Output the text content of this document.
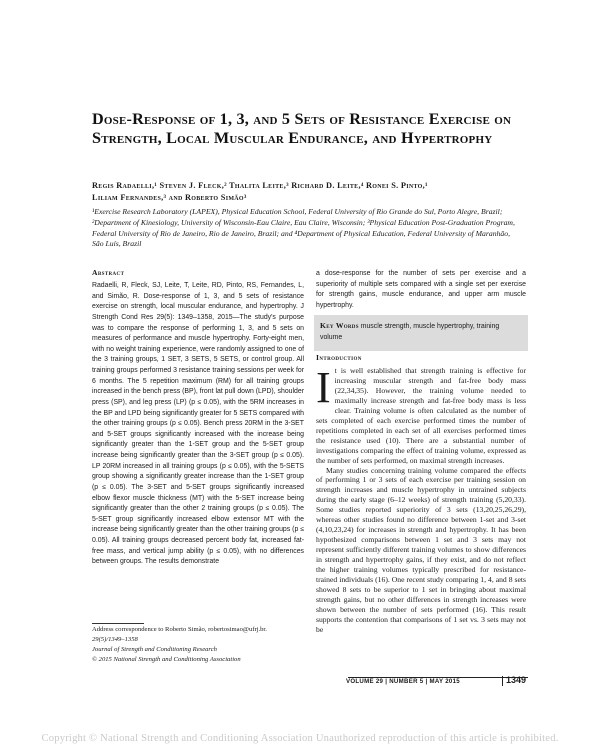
Dose-Response of 1, 3, and 5 Sets of Resistance Exercise on Strength, Local Muscular Endurance, and Hypertrophy
Regis Radaelli,¹ Steven J. Fleck,² Thalita Leite,³ Richard D. Leite,⁴ Ronei S. Pinto,¹
Liliam Fernandes,³ and Roberto Simão³
¹Exercise Research Laboratory (LAPEX), Physical Education School, Federal University of Rio Grande do Sul, Porto Alegre, Brazil; ²Department of Kinesiology, University of Wisconsin-Eau Claire, Eau Claire, Wisconsin; ³Physical Education Post-Graduation Program, Federal University of Rio de Janeiro, Rio de Janeiro, Brazil; and ⁴Department of Physical Education, Federal University of Maranhão, São Luís, Brazil
Abstract
Radaelli, R, Fleck, SJ, Leite, T, Leite, RD, Pinto, RS, Fernandes, L, and Simão, R. Dose-response of 1, 3, and 5 sets of resistance exercise on strength, local muscular endurance, and hypertrophy. J Strength Cond Res 29(5): 1349–1358, 2015—The study's purpose was to compare the response of performing 1, 3, and 5 sets on measures of performance and muscle hypertrophy. Forty-eight men, with no weight training experience, were randomly assigned to one of the 3 training groups, 1 SET, 3 SETS, 5 SETS, or control group. All training groups performed 3 resistance training sessions per week for 6 months. The 5 repetition maximum (RM) for all training groups increased in the bench press (BP), front lat pull down (LPD), shoulder press (SP), and leg press (LP) (p ≤ 0.05), with the 5RM increases in the BP and LPD being significantly greater for 5 SETS compared with the other training groups (p ≤ 0.05). Bench press 20RM in the 3-SET and 5-SET groups significantly increased with the increase being significantly greater than the 1-SET group and the 5-SET group increase being significantly greater than the 3-SET group (p ≤ 0.05). LP 20RM increased in all training groups (p ≤ 0.05), with the 5-SETS group showing a significantly greater increase than the 1-SET group (p ≤ 0.05). The 3-SET and 5-SET groups significantly increased elbow flexor muscle thickness (MT) with the 5-SET increase being significantly greater than the other 2 training groups (p ≤ 0.05). The 5-SET group significantly increased elbow extensor MT with the increase being significantly greater than the other training groups (p ≤ 0.05). All training groups decreased percent body fat, increased fat-free mass, and vertical jump ability (p ≤ 0.05), with no differences between groups. The results demonstrate
a dose-response for the number of sets per exercise and a superiority of multiple sets compared with a single set per exercise for strength gains, muscle endurance, and upper arm muscle hypertrophy.
Key Words muscle strength, muscle hypertrophy, training volume
Introduction

I t is well established that strength training is effective for increasing muscular strength and fat-free body mass (22,34,35). However, the training volume needed to maximally increase strength and fat-free body mass is less clear. Training volume is often calculated as the number of sets completed of each exercise performed times the number of repetitions completed in each set of all exercises performed times the resistance used (10). There are a substantial number of investigations comparing the effect of training volume, expressed as the number of sets performed, on maximal strength increases.

Many studies concerning training volume compared the effects of performing 1 or 3 sets of each exercise per training session on strength increases and muscle hypertrophy in untrained subjects during the early stage (6–12 weeks) of strength training (5,20,33). Some studies reported superiority of 3 sets (13,20,25,26,29), whereas other studies found no difference between 1-set and 3-set (4,10,23,24) for increases in strength and hypertrophy. It has been hypothesized comparisons between 1 set and 3 sets may not represent sufficiently different training volumes to show differences in strength and hypertrophy gains, if they exist, and do not reflect the higher training volumes typically prescribed for resistance-trained individuals (16). One recent study comparing 1, 4, and 8 sets showed 8 sets to be superior to 1 set in bringing about maximal strength gains, but no other differences in strength increases were shown between the number of sets performed (16). This result supports the contention that comparisons of 1 set vs. 3 sets may not be

Address correspondence to Roberto Simão, robertosimao@ufrj.br.
29(5)/1349–1358
Journal of Strength and Conditioning Research
© 2015 National Strength and Conditioning Association
VOLUME 29 | NUMBER 5 | MAY 2015	1349
Copyright © National Strength and Conditioning Association Unauthorized reproduction of this article is prohibited.
